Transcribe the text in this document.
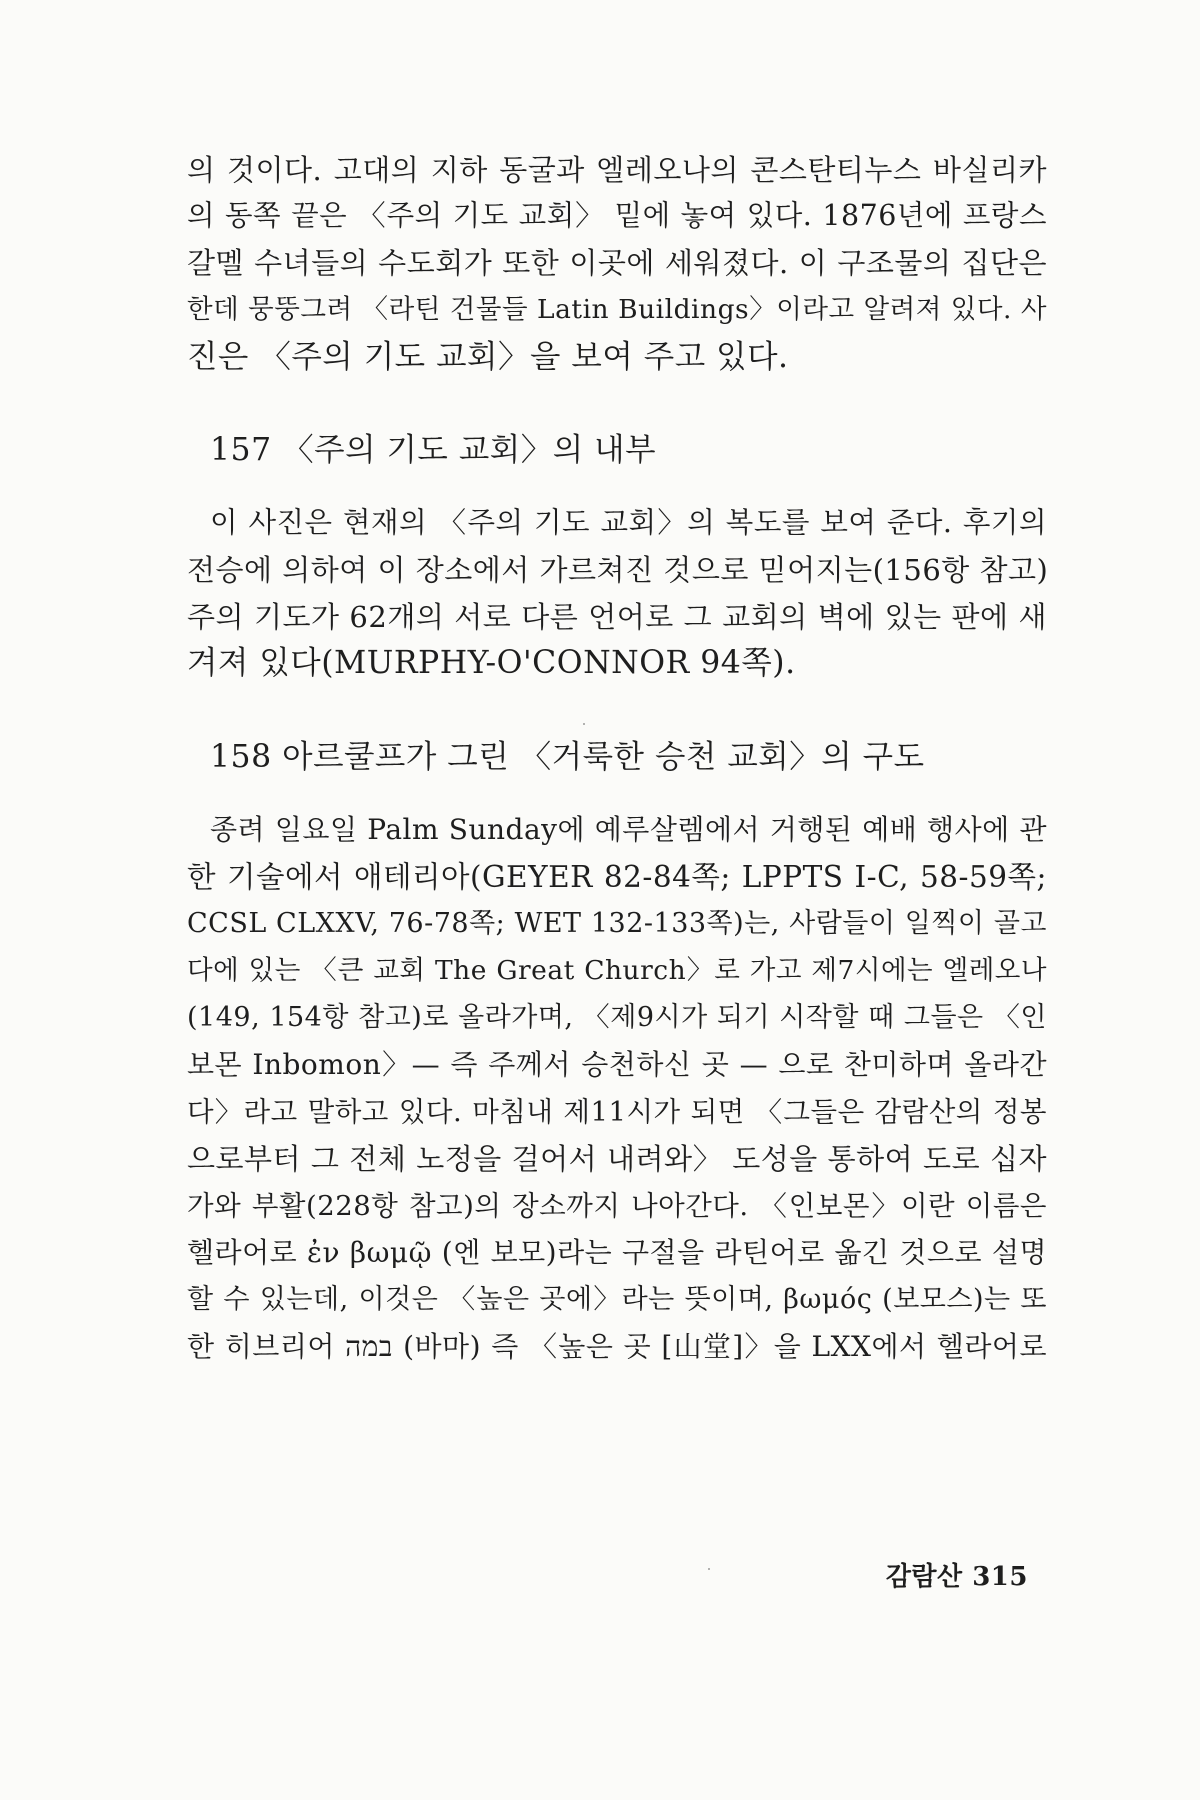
의 것이다. 고대의 지하 동굴과 엘레오나의 콘스탄티누스 바실리카
의 동쪽 끝은 〈주의 기도 교회〉 밑에 놓여 있다. 1876년에 프랑스
갈멜 수녀들의 수도회가 또한 이곳에 세워졌다. 이 구조물의 집단은
한데 뭉뚱그려 〈라틴 건물들 Latin Buildings〉이라고 알려져 있다. 사
진은 〈주의 기도 교회〉을 보여 주고 있다.
157 〈주의 기도 교회〉의 내부
이 사진은 현재의 〈주의 기도 교회〉의 복도를 보여 준다. 후기의
전승에 의하여 이 장소에서 가르쳐진 것으로 믿어지는(156항 참고)
주의 기도가 62개의 서로 다른 언어로 그 교회의 벽에 있는 판에 새
겨져 있다(MURPHY-O'CONNOR 94쪽).
158 아르쿨프가 그린 〈거룩한 승천 교회〉의 구도
종려 일요일 Palm Sunday에 예루살렘에서 거행된 예배 행사에 관
한 기술에서 애테리아(GEYER 82-84쪽; LPPTS I-C, 58-59쪽;
CCSL CLXXV, 76-78쪽; WET 132-133쪽)는, 사람들이 일찍이 골고
다에 있는 〈큰 교회 The Great Church〉로 가고 제7시에는 엘레오나
(149, 154항 참고)로 올라가며, 〈제9시가 되기 시작할 때 그들은 〈인
보몬 Inbomon〉— 즉 주께서 승천하신 곳 — 으로 찬미하며 올라간
다〉라고 말하고 있다. 마침내 제11시가 되면 〈그들은 감람산의 정봉
으로부터 그 전체 노정을 걸어서 내려와〉 도성을 통하여 도로 십자
가와 부활(228항 참고)의 장소까지 나아간다. 〈인보몬〉이란 이름은
헬라어로 ἐν βωμῷ (엔 보모)라는 구절을 라틴어로 옮긴 것으로 설명
할 수 있는데, 이것은 〈높은 곳에〉라는 뜻이며, βωμός (보모스)는 또
한 히브리어 במה (바마) 즉 〈높은 곳 [山堂]〉을 LXX에서 헬라어로
감람산 315
